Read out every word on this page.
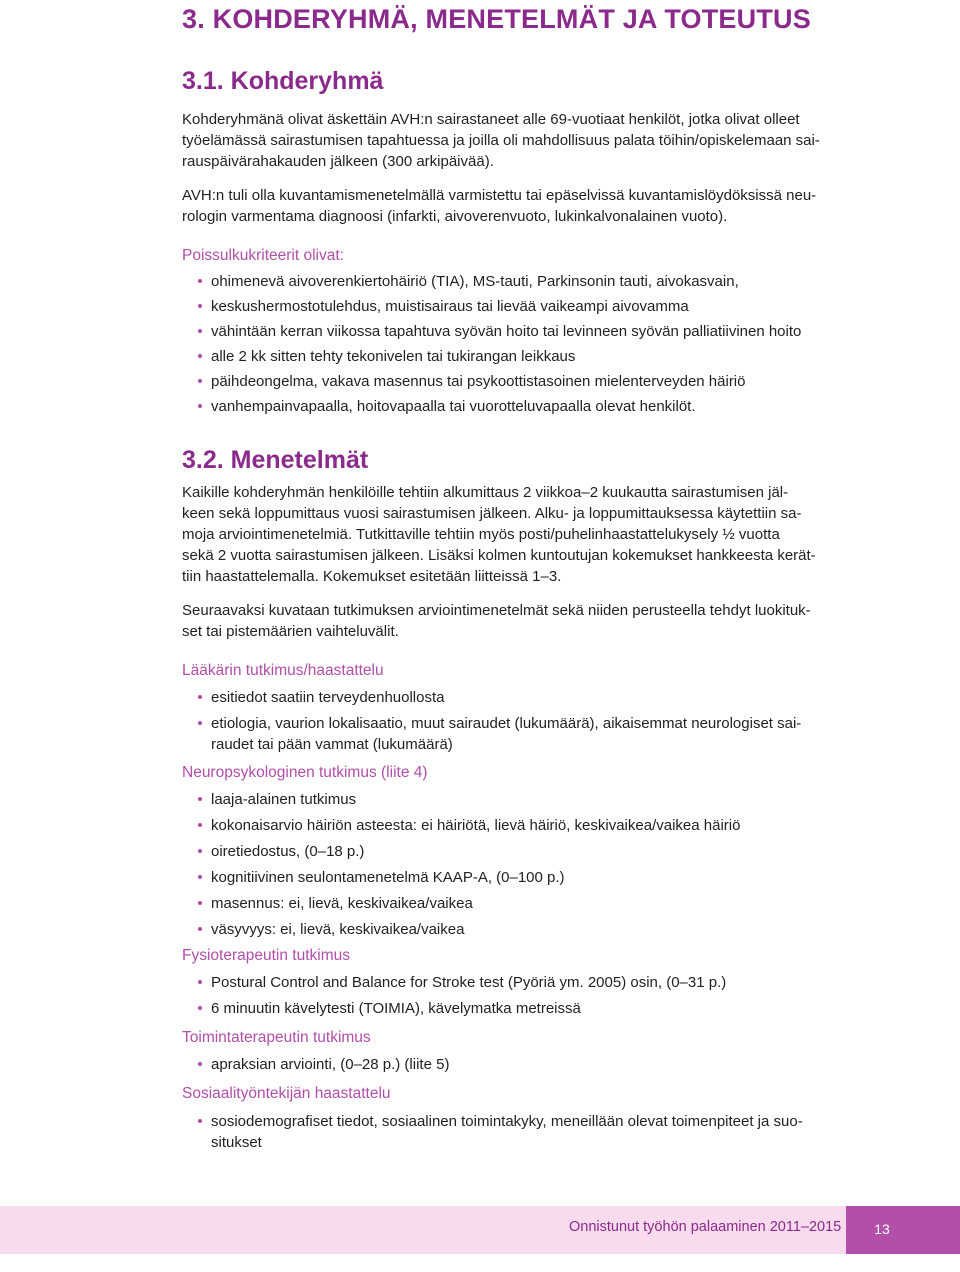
3. KOHDERYHMÄ, MENETELMÄT JA TOTEUTUS
3.1. Kohderyhmä
Kohderyhmänä olivat äskettäin AVH:n sairastaneet alle 69-vuotiaat henkilöt, jotka olivat olleet
työelämässä sairastumisen tapahtuessa ja joilla oli mahdollisuus palata töihin/opiskelemaan sai-
rauspäivärahakauden jälkeen (300 arkipäivää).
AVH:n tuli olla kuvantamismenetelmällä varmistettu tai epäselvissä kuvantamislöydöksissä neu-
rologin varmentama diagnoosi (infarkti, aivoverenvuoto, lukinkalvonalainen vuoto).
Poissulkukriteerit olivat:
ohimenevä aivoverenkiertohäiriö (TIA), MS-tauti, Parkinsonin tauti, aivokasvain,
keskushermostotulehdus, muistisairaus tai lievää vaikeampi aivovamma
vähintään kerran viikossa tapahtuva syövän hoito tai levinneen syövän palliatiivinen hoito
alle 2 kk sitten tehty tekonivelen tai tukirangan leikkaus
päihdeongelma, vakava masennus tai psykoottistasoinen mielenterveyden häiriö
vanhempainvapaalla, hoitovapaalla tai vuorotteluvapaalla olevat henkilöt.
3.2. Menetelmät
Kaikille kohderyhmän henkilöille tehtiin alkumittaus 2 viikkoa–2 kuukautta sairastumisen jäl-
keen sekä loppumittaus vuosi sairastumisen jälkeen. Alku- ja loppumittauksessa käytettiin sa-
moja arviointimenetelmiä. Tutkittaville tehtiin myös posti/puhelinhaastattelukysely ½ vuotta
sekä 2 vuotta sairastumisen jälkeen. Lisäksi kolmen kuntoutujan kokemukset hankkeesta kerät-
tiin haastattelemalla. Kokemukset esitetään liitteissä 1–3.
Seuraavaksi kuvataan tutkimuksen arviointimenetelmät sekä niiden perusteella tehdyt luokituk-
set tai pistemäärien vaihteluvälit.
Lääkärin tutkimus/haastattelu
esitiedot saatiin terveydenhuollosta
etiologia, vaurion lokalisaatio, muut sairaudet (lukumäärä), aikaisemmat neurologiset sai-
raudet tai pään vammat (lukumäärä)
Neuropsykologinen tutkimus (liite 4)
laaja-alainen tutkimus
kokonaisarvio häiriön asteesta: ei häiriötä, lievä häiriö, keskivaikea/vaikea häiriö
oiretiedostus, (0–18 p.)
kognitiivinen seulontamenetelmä KAAP-A, (0–100 p.)
masennus: ei, lievä, keskivaikea/vaikea
väsyvyys: ei, lievä, keskivaikea/vaikea
Fysioterapeutin tutkimus
Postural Control and Balance for Stroke test (Pyöriä ym. 2005) osin, (0–31 p.)
6 minuutin kävelytesti (TOIMIA), kävelymatka metreissä
Toimintaterapeutin tutkimus
apraksian arviointi, (0–28 p.) (liite 5)
Sosiaalityöntekijän haastattelu
sosiodemografiset tiedot, sosiaalinen toimintakyky, meneillään olevat toimenpiteet ja suo-
situkset
Onnistunut työhön palaaminen 2011–2015	13
